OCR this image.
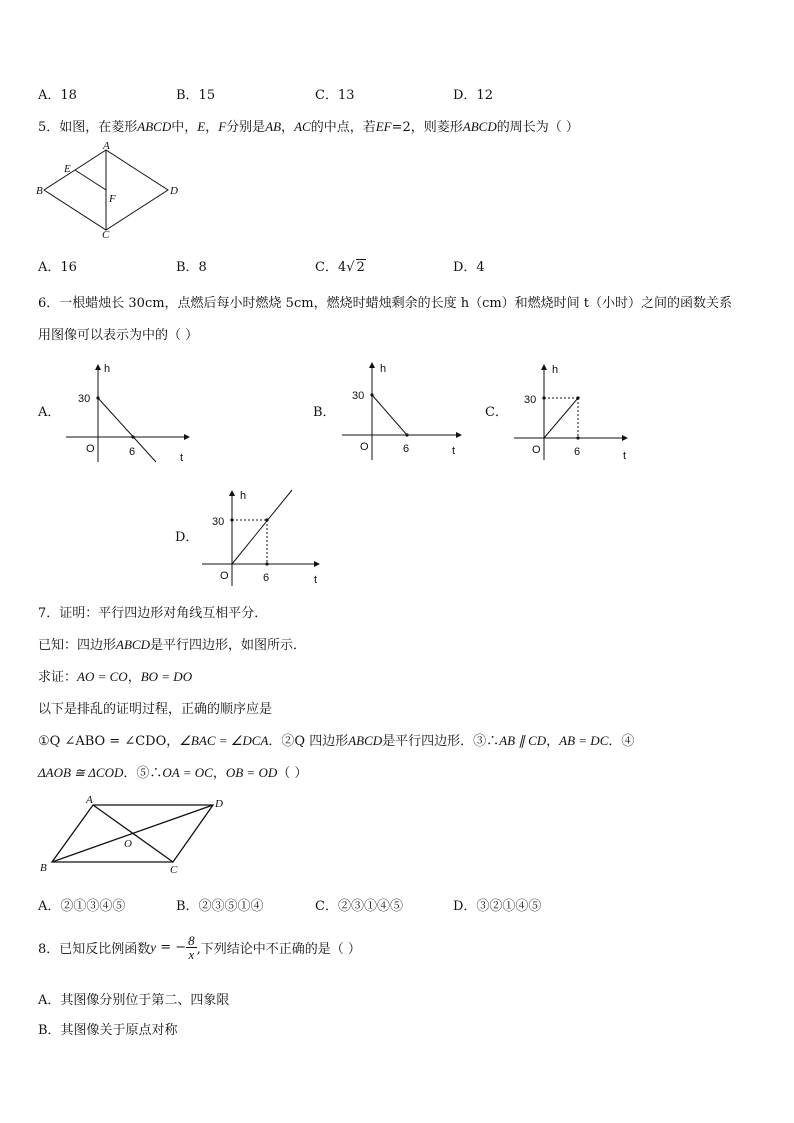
A．18	B．15	C．13	D．12
5．如图，在菱形ABCD中，E，F分别是AB，AC的中点，若EF=2，则菱形ABCD的周长为（ ）
A
B
C
D
E
F
A．16	B．8	C．4√ 2	D．4
6．一根蜡烛长 30cm，点燃后每小时燃烧 5cm，燃烧时蜡烛剩余的长度 h（cm）和燃烧时间 t（小时）之间的函数关系
用图像可以表示为中的（ ）
A．
h
30
O	6	t
B．
h
30
O	6	t
C．
h
30
O	6	t
D．
h
30
O	6	t
7．证明：平行四边形对角线互相平分．
已知：四边形ABCD是平行四边形，如图所示．
求证：AO = CO，BO = DO
以下是排乱的证明过程，正确的顺序应是
①Q ∠ABO = ∠CDO，∠BAC = ∠DCA．②Q 四边形ABCD是平行四边形．③∴AB ∥ CD，AB = DC．④
ΔAOB ≅ ΔCOD．⑤∴OA = OC，OB = OD（ ）
A
B	C
D
O
A．②①③④⑤	B．②③⑤①④	C．②③①④⑤	D．③②①④⑤
8．已知反比例函数y = − $\frac{8}{x}$ ,下列结论中不正确的是（ ）
A．其图像分别位于第二、四象限
B．其图像关于原点对称
